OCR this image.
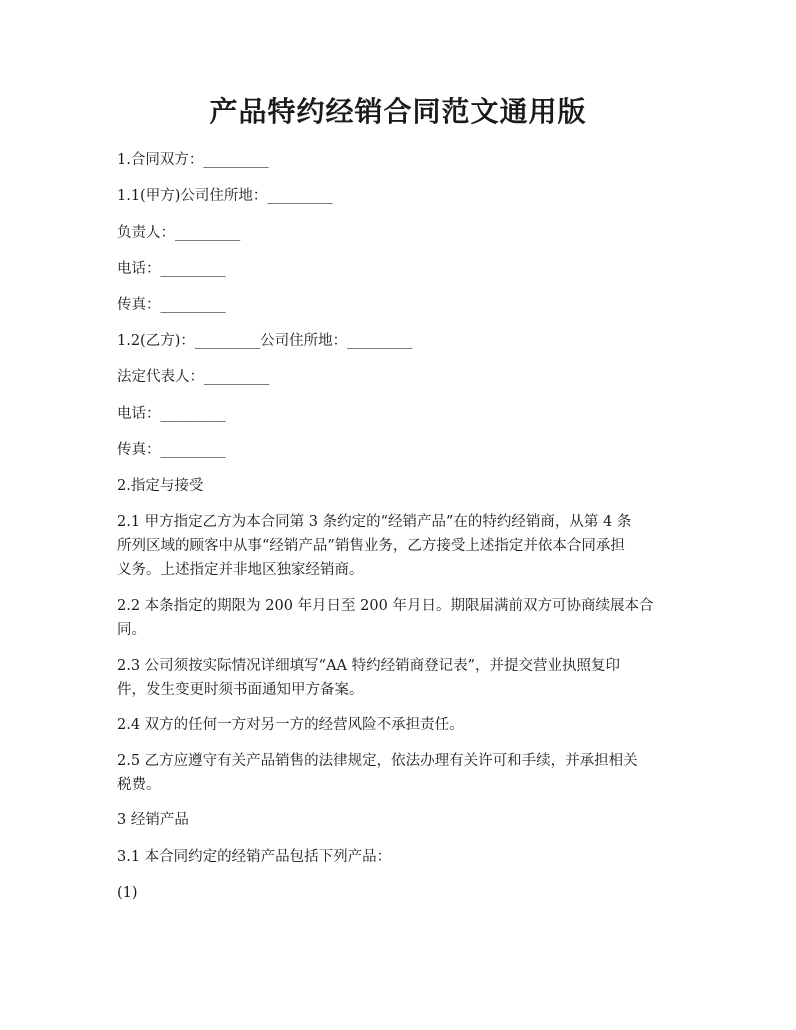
产品特约经销合同范文通用版
1.合同双方：_________
1.1(甲方)公司住所地：_________
负责人：_________
电话：_________
传真：_________
1.2(乙方)：_________公司住所地：_________
法定代表人：_________
电话：_________
传真：_________
2.指定与接受
2.1 甲方指定乙方为本合同第 3 条约定的“经销产品”在的特约经销商，从第 4 条
所列区域的顾客中从事“经销产品”销售业务，乙方接受上述指定并依本合同承担
义务。上述指定并非地区独家经销商。
2.2 本条指定的期限为 200 年月日至 200 年月日。期限届满前双方可协商续展本合
同。
2.3 公司须按实际情况详细填写“AA 特约经销商登记表”，并提交营业执照复印
件，发生变更时须书面通知甲方备案。
2.4 双方的任何一方对另一方的经营风险不承担责任。
2.5 乙方应遵守有关产品销售的法律规定，依法办理有关许可和手续，并承担相关
税费。
3 经销产品
3.1 本合同约定的经销产品包括下列产品：
(1)
